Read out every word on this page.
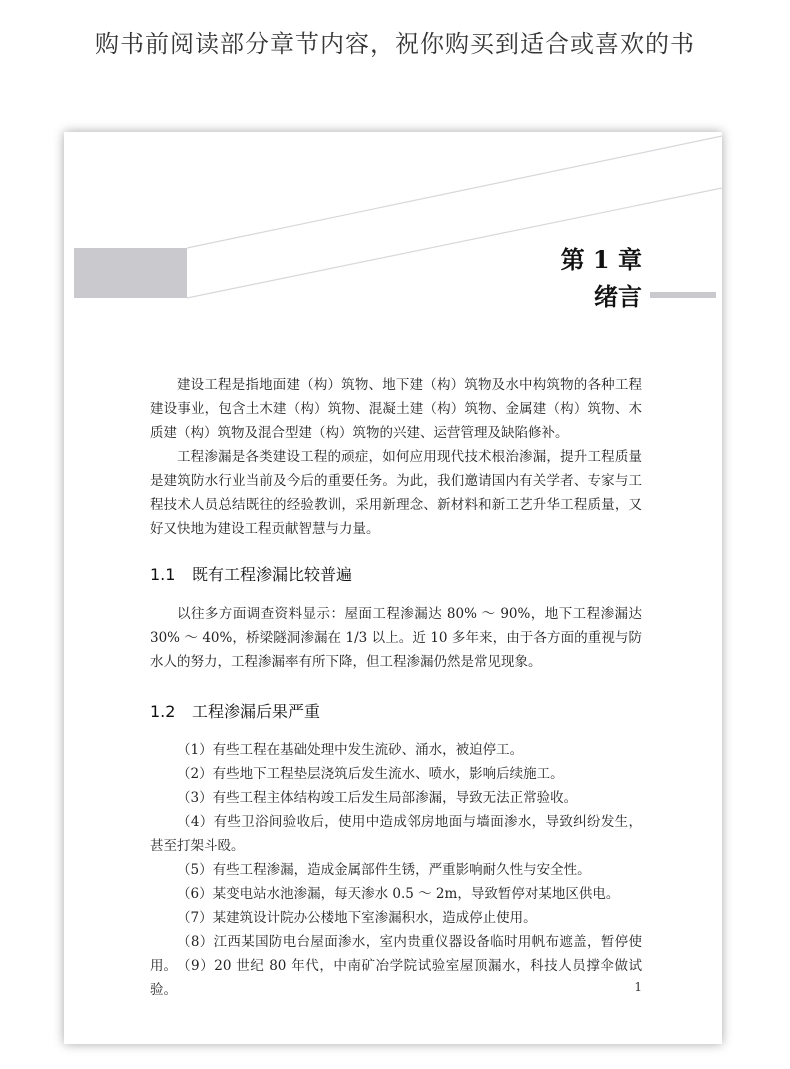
购书前阅读部分章节内容，祝你购买到适合或喜欢的书
第 1 章
绪言

建设工程是指地面建（构）筑物、地下建（构）筑物及水中构筑物的各种工程建设事业，包含土木建（构）筑物、混凝土建（构）筑物、金属建（构）筑物、木质建（构）筑物及混合型建（构）筑物的兴建、运营管理及缺陷修补。

工程渗漏是各类建设工程的顽症，如何应用现代技术根治渗漏，提升工程质量是建筑防水行业当前及今后的重要任务。为此，我们邀请国内有关学者、专家与工程技术人员总结既往的经验教训，采用新理念、新材料和新工艺升华工程质量，又好又快地为建设工程贡献智慧与力量。

1.1 既有工程渗漏比较普遍

以往多方面调查资料显示：屋面工程渗漏达 80% ～ 90%，地下工程渗漏达 30% ～ 40%，桥梁隧洞渗漏在 1/3 以上。近 10 多年来，由于各方面的重视与防水人的努力，工程渗漏率有所下降，但工程渗漏仍然是常见现象。

1.2 工程渗漏后果严重

（1）有些工程在基础处理中发生流砂、涌水，被迫停工。

（2）有些地下工程垫层浇筑后发生流水、喷水，影响后续施工。

（3）有些工程主体结构竣工后发生局部渗漏，导致无法正常验收。

（4）有些卫浴间验收后，使用中造成邻房地面与墙面渗水，导致纠纷发生，甚至打架斗殴。

（5）有些工程渗漏，造成金属部件生锈，严重影响耐久性与安全性。

（6）某变电站水池渗漏，每天渗水 0.5 ～ 2m，导致暂停对某地区供电。

（7）某建筑设计院办公楼地下室渗漏积水，造成停止使用。

（8）江西某国防电台屋面渗水，室内贵重仪器设备临时用帆布遮盖，暂停使用。 （9）20 世纪 80 年代，中南矿冶学院试验室屋顶漏水，科技人员撑伞做试验。	1
